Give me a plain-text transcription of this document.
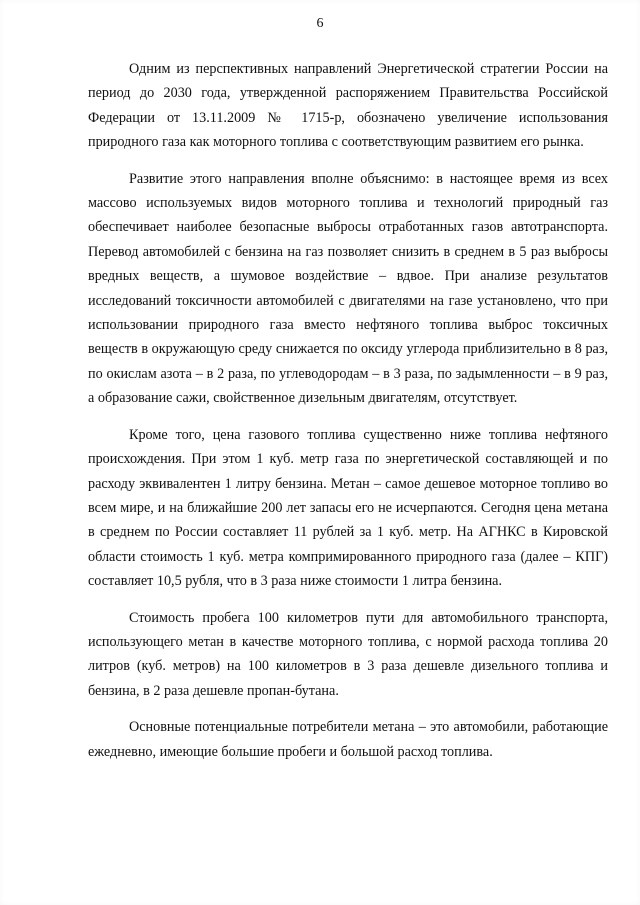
6

Одним из перспективных направлений Энергетической стратегии России на период до 2030 года, утвержденной распоряжением Правительства Российской Федерации от 13.11.2009 № 1715-р, обозначено увеличение использования природного газа как моторного топлива с соответствующим развитием его рынка.

Развитие этого направления вполне объяснимо: в настоящее время из всех массово используемых видов моторного топлива и технологий природный газ обеспечивает наиболее безопасные выбросы отработанных газов автотранспорта. Перевод автомобилей с бензина на газ позволяет снизить в среднем в 5 раз выбросы вредных веществ, а шумовое воздействие – вдвое. При анализе результатов исследований токсичности автомобилей с двигателями на газе установлено, что при использовании природного газа вместо нефтяного топлива выброс токсичных веществ в окружающую среду снижается по оксиду углерода приблизительно в 8 раз, по окислам азота – в 2 раза, по углеводородам – в 3 раза, по задымленности – в 9 раз, а образование сажи, свойственное дизельным двигателям, отсутствует.

Кроме того, цена газового топлива существенно ниже топлива нефтяного происхождения. При этом 1 куб. метр газа по энергетической составляющей и по расходу эквивалентен 1 литру бензина. Метан – самое дешевое моторное топливо во всем мире, и на ближайшие 200 лет запасы его не исчерпаются. Сегодня цена метана в среднем по России составляет 11 рублей за 1 куб. метр. На АГНКС в Кировской области стоимость 1 куб. метра компримированного природного газа (далее – КПГ) составляет 10,5 рубля, что в 3 раза ниже стоимости 1 литра бензина.

Стоимость пробега 100 километров пути для автомобильного транспорта, использующего метан в качестве моторного топлива, с нормой расхода топлива 20 литров (куб. метров) на 100 километров в 3 раза дешевле дизельного топлива и бензина, в 2 раза дешевле пропан-бутана.

Основные потенциальные потребители метана – это автомобили, работающие ежедневно, имеющие большие пробеги и большой расход топлива.
